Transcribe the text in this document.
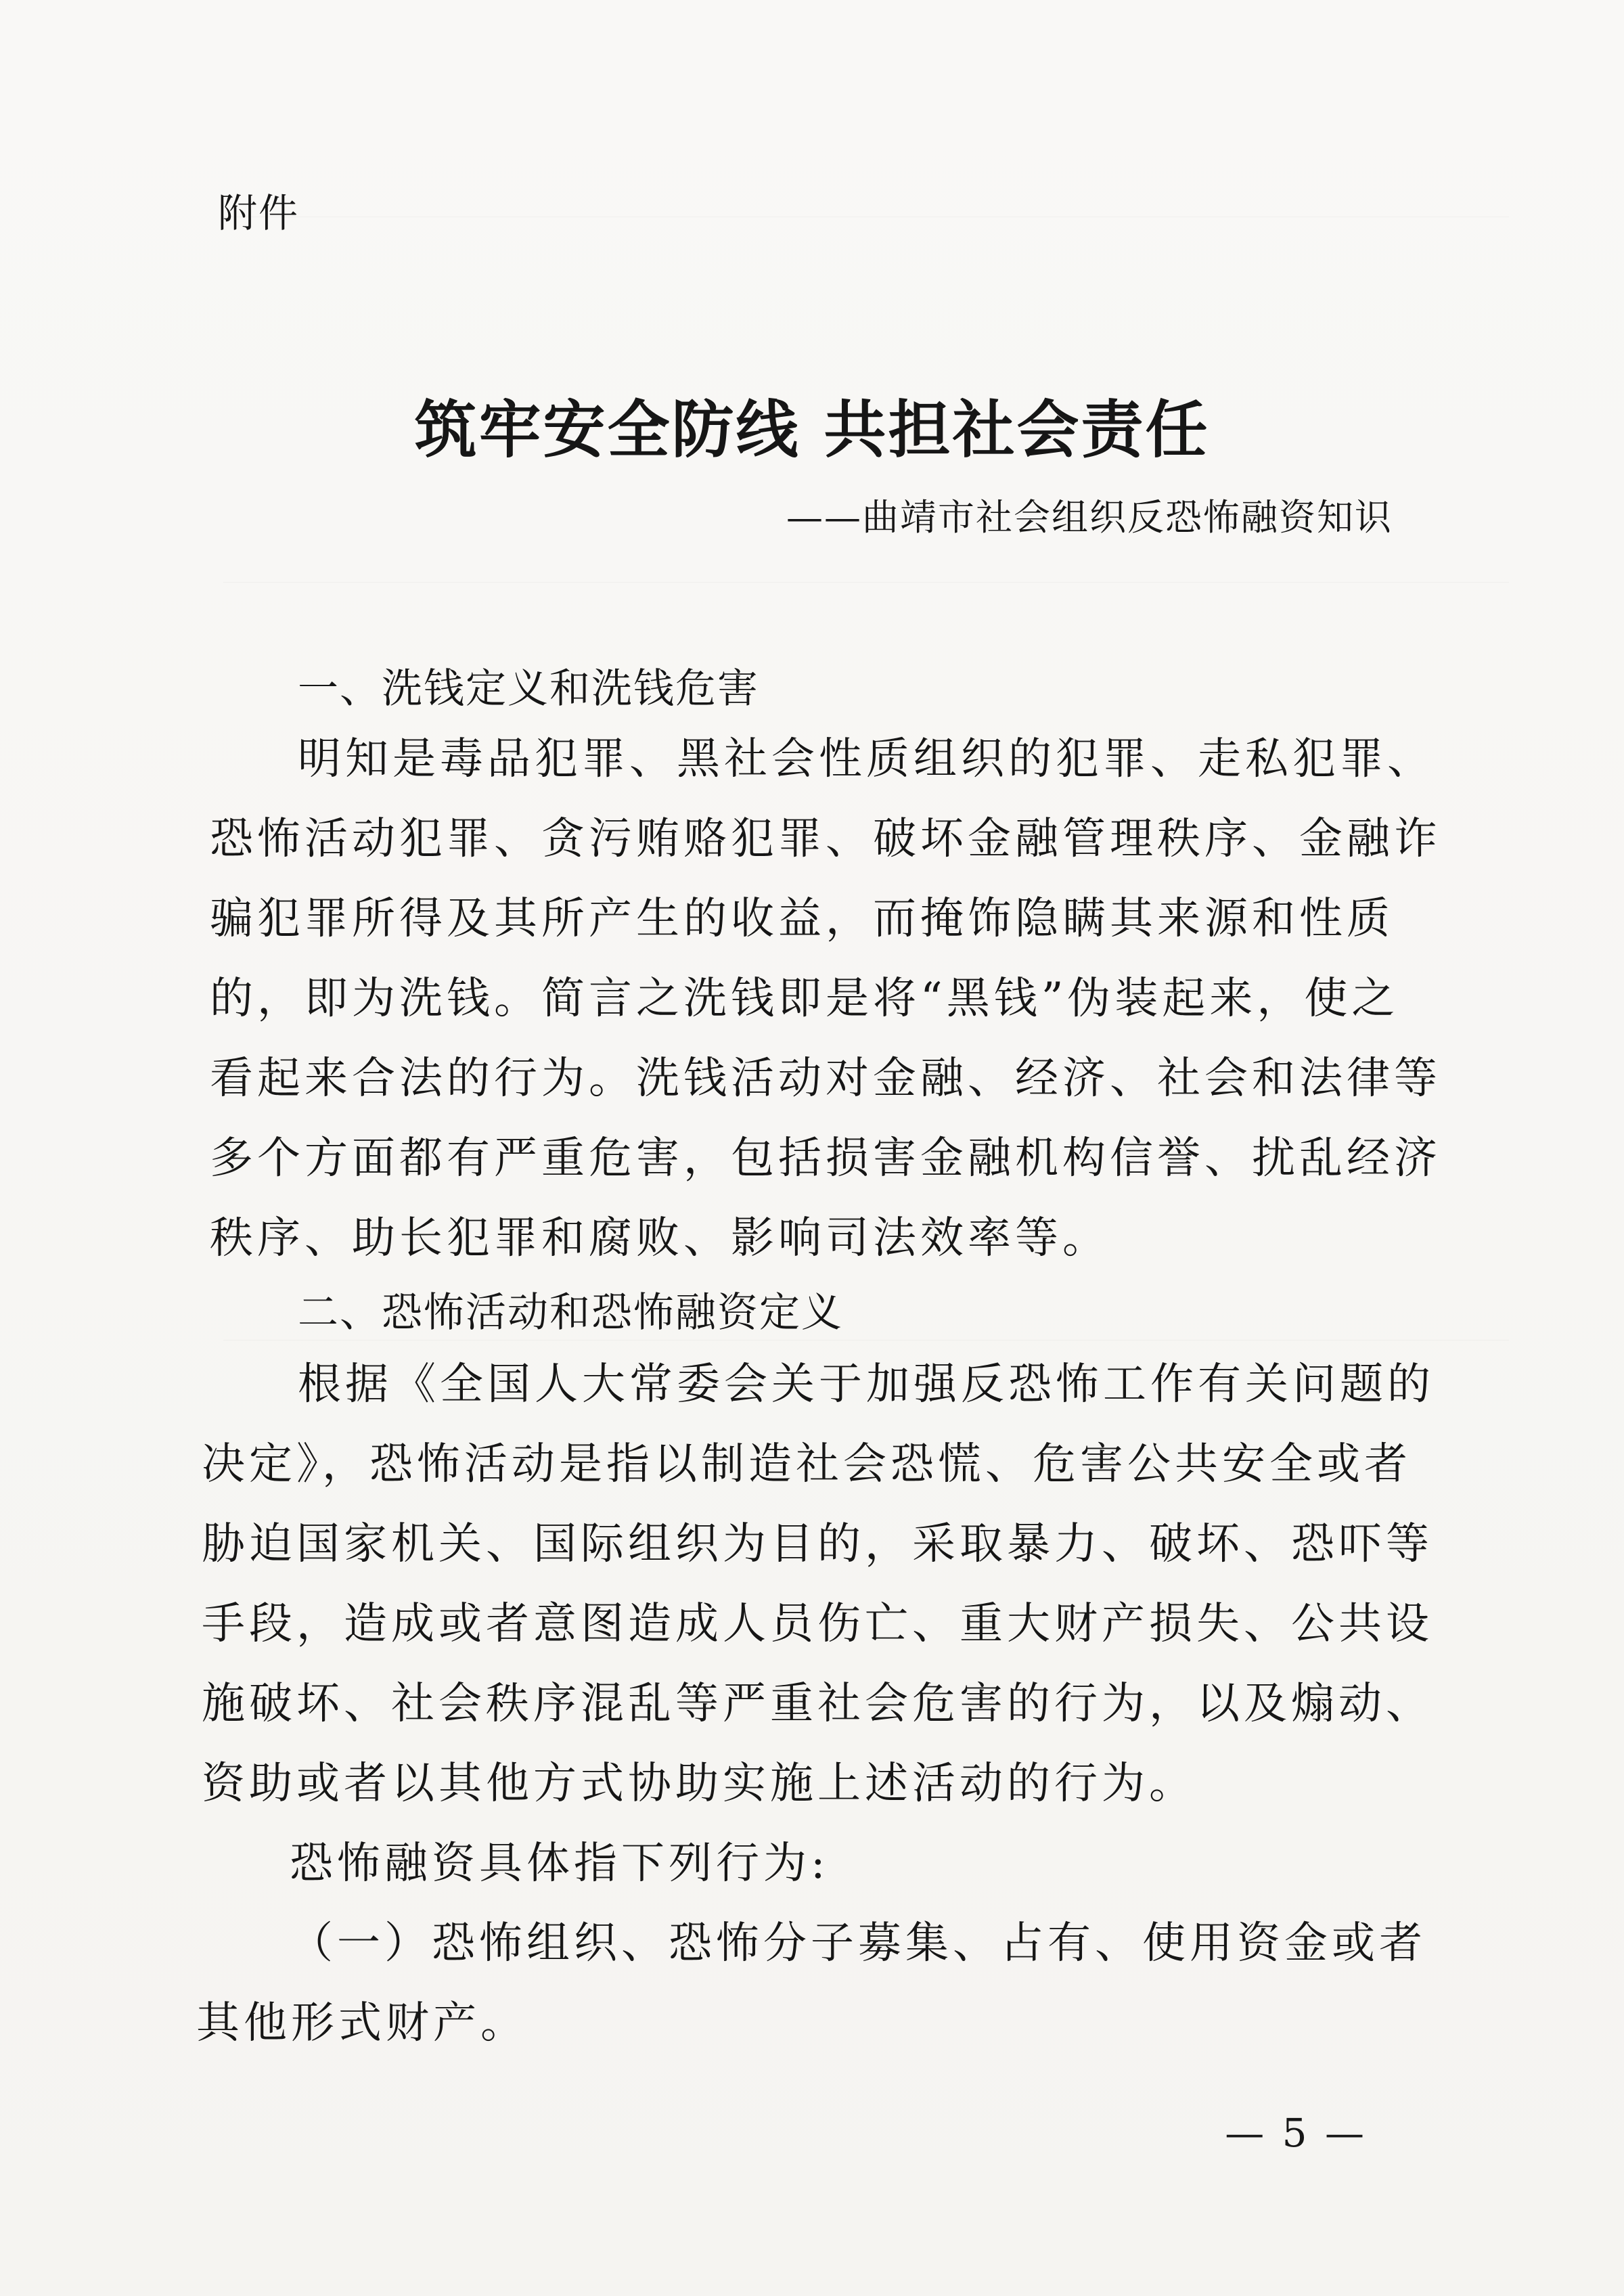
附件
筑牢安全防线 共担社会责任
——曲靖市社会组织反恐怖融资知识
一、洗钱定义和洗钱危害
明知是毒品犯罪、黑社会性质组织的犯罪、走私犯罪、
恐怖活动犯罪、贪污贿赂犯罪、破坏金融管理秩序、金融诈
骗犯罪所得及其所产生的收益，而掩饰隐瞒其来源和性质
的，即为洗钱。简言之洗钱即是将“黑钱”伪装起来，使之
看起来合法的行为。洗钱活动对金融、经济、社会和法律等
多个方面都有严重危害，包括损害金融机构信誉、扰乱经济
秩序、助长犯罪和腐败、影响司法效率等。
二、恐怖活动和恐怖融资定义
根据《全国人大常委会关于加强反恐怖工作有关问题的
决定》，恐怖活动是指以制造社会恐慌、危害公共安全或者
胁迫国家机关、国际组织为目的，采取暴力、破坏、恐吓等
手段，造成或者意图造成人员伤亡、重大财产损失、公共设
施破坏、社会秩序混乱等严重社会危害的行为，以及煽动、
资助或者以其他方式协助实施上述活动的行为。
恐怖融资具体指下列行为:
（一）恐怖组织、恐怖分子募集、占有、使用资金或者
其他形式财产。
— 5 —
